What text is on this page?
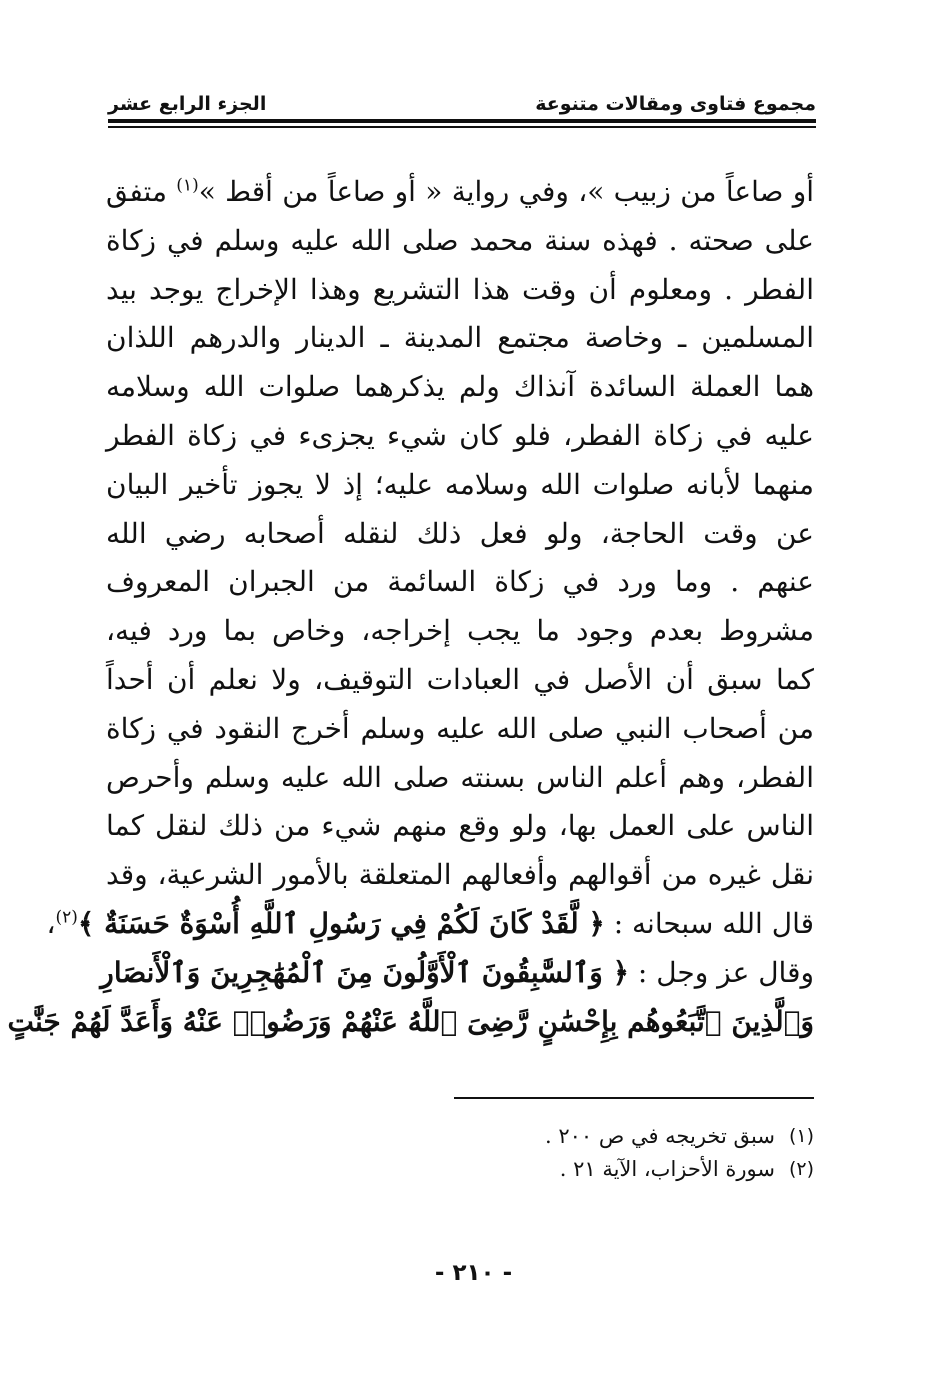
مجموع فتاوى ومقالات متنوعة
الجزء الرابع عشر
أو صاعاً من زبيب »، وفي رواية « أو صاعاً من أقط »$^{(١)}$ متفق
على صحته . فهذه سنة محمد صلى الله عليه وسلم في زكاة
الفطر . ومعلوم أن وقت هذا التشريع وهذا الإخراج يوجد بيد
المسلمين ـ وخاصة مجتمع المدينة ـ الدينار والدرهم اللذان
هما العملة السائدة آنذاك ولم يذكرهما صلوات الله وسلامه
عليه في زكاة الفطر، فلو كان شيء يجزىء في زكاة الفطر
منهما لأبانه صلوات الله وسلامه عليه؛ إذ لا يجوز تأخير البيان
عن وقت الحاجة، ولو فعل ذلك لنقله أصحابه رضي الله
عنهم . وما ورد في زكاة السائمة من الجبران المعروف
مشروط بعدم وجود ما يجب إخراجه، وخاص بما ورد فيه،
كما سبق أن الأصل في العبادات التوقيف، ولا نعلم أن أحداً
من أصحاب النبي صلى الله عليه وسلم أخرج النقود في زكاة
الفطر، وهم أعلم الناس بسنته صلى الله عليه وسلم وأحرص
الناس على العمل بها، ولو وقع منهم شيء من ذلك لنقل كما
نقل غيره من أقوالهم وأفعالهم المتعلقة بالأمور الشرعية، وقد
قال الله سبحانه : ﴿ لَّقَدْ كَانَ لَكُمْ فِي رَسُولِ ٱللَّهِ أُسْوَةٌ حَسَنَةٌ ﴾$^{(٢)}$،
وقال عز وجل : ﴿ وَٱلسَّٰبِقُونَ ٱلْأَوَّلُونَ مِنَ ٱلْمُهَٰجِرِينَ وَٱلْأَنصَارِ
وَٱلَّذِينَ ٱتَّبَعُوهُم بِإِحْسَٰنٍ رَّضِىَ ٱللَّهُ عَنْهُمْ وَرَضُوا۟ عَنْهُ وَأَعَدَّ لَهُمْ جَنَّٰتٍ
(١)
سبق تخريجه في ص ٢٠٠ .
(٢)
سورة الأحزاب، الآية ٢١ .
- ٢١٠ -
